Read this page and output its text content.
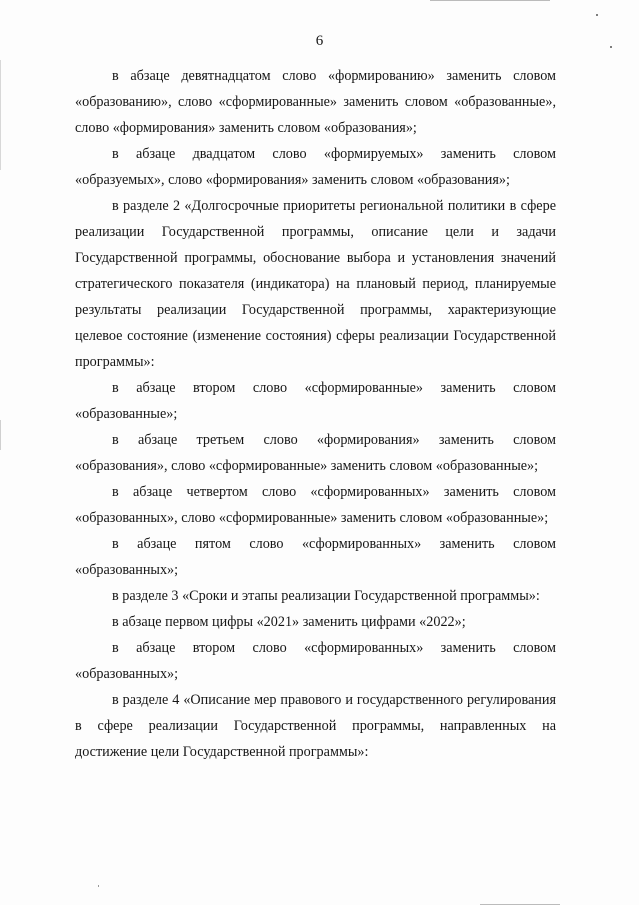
6

в абзаце девятнадцатом слово «формированию» заменить словом «образованию», слово «сформированные» заменить словом «образованные», слово «формирования» заменить словом «образования»;

в абзаце двадцатом слово «формируемых» заменить словом «образуемых», слово «формирования» заменить словом «образования»;

в разделе 2 «Долгосрочные приоритеты региональной политики в сфере реализации Государственной программы, описание цели и задачи Государственной программы, обоснование выбора и установления значений стратегического показателя (индикатора) на плановый период, планируемые результаты реализации Государственной программы, характеризующие целевое состояние (изменение состояния) сферы реализации Государственной программы»:

в абзаце втором слово «сформированные» заменить словом «образованные»;

в абзаце третьем слово «формирования» заменить словом «образования», слово «сформированные» заменить словом «образованные»;

в абзаце четвертом слово «сформированных» заменить словом «образованных», слово «сформированные» заменить словом «образованные»;

в абзаце пятом слово «сформированных» заменить словом «образованных»;

в разделе 3 «Сроки и этапы реализации Государственной программы»:

в абзаце первом цифры «2021» заменить цифрами «2022»;

в абзаце втором слово «сформированных» заменить словом «образованных»;

в разделе 4 «Описание мер правового и государственного регулирования в сфере реализации Государственной программы, направленных на достижение цели Государственной программы»:
